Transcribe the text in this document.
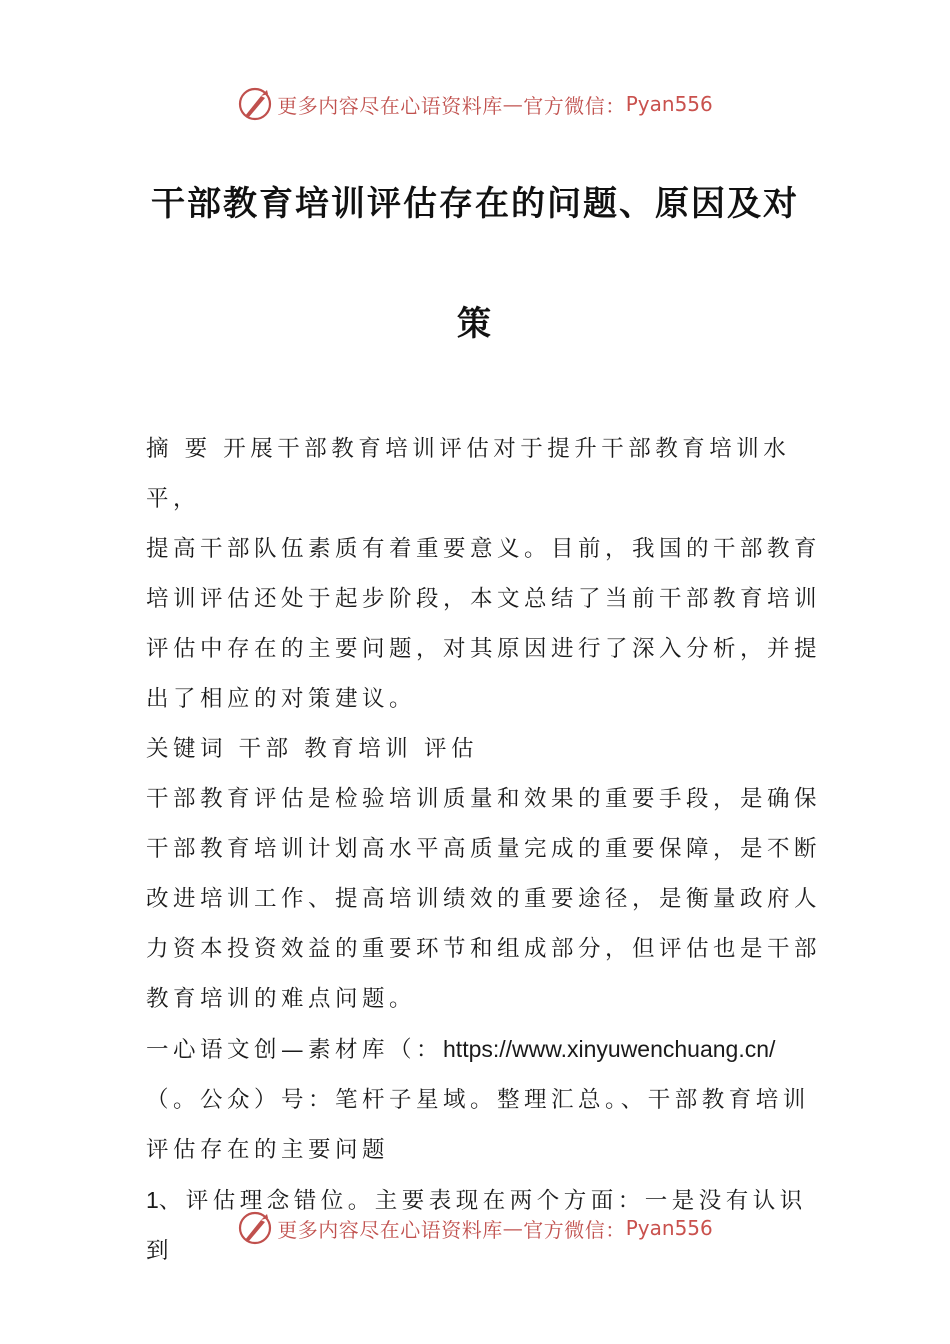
更多内容尽在心语资料库 — 官方微信： Pyan556
干部教育培训评估存在的问题、原因及对
策
摘 要 开展干部教育培训评估对于提升干部教育培训水平，
提高干部队伍素质有着重要意义。目前，我国的干部教育
培训评估还处于起步阶段，本文总结了当前干部教育培训
评估中存在的主要问题，对其原因进行了深入分析，并提
出了相应的对策建议。
关键词 干部 教育培训 评估
干部教育评估是检验培训质量和效果的重要手段，是确保
干部教育培训计划高水平高质量完成的重要保障，是不断
改进培训工作、提高培训绩效的重要途径，是衡量政府人
力资本投资效益的重要环节和组成部分，但评估也是干部
教育培训的难点问题。
一心语文创—素材库（：https://www.xinyuwenchuang.cn/
（。公众）号：笔杆子星域。整理汇总。、干部教育培训
评估存在的主要问题
1、评估理念错位。主要表现在两个方面：一是没有认识到
更多内容尽在心语资料库 — 官方微信： Pyan556
